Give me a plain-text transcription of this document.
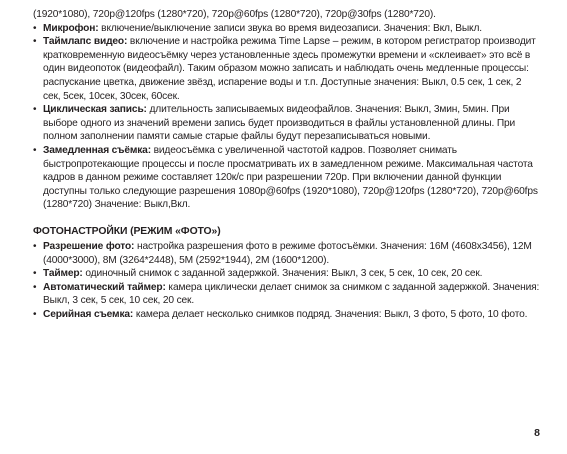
(1920*1080), 720p@120fps (1280*720), 720p@60fps (1280*720), 720p@30fps (1280*720).
• Микрофон: включение/выключение записи звука во время видеозаписи. Значения: Вкл, Выкл.
• Таймлапс видео: включение и настройка режима Time Lapse – режим, в котором регистратор производит кратковременную видеосъёмку через установленные здесь промежутки времени и «склеивает» это всё в один видеопоток (видеофайл). Таким образом можно записать и наблюдать очень медленные процессы: распускание цветка, движение звёзд, испарение воды и т.п. Доступные значения: Выкл, 0.5 сек, 1 сек, 2 сек, 5сек, 10сек, 30сек, 60сек.
• Циклическая запись: длительность записываемых видеофайлов. Значения: Выкл, 3мин, 5мин. При выборе одного из значений времени запись будет производиться в файлы установленной длины. При полном заполнении памяти самые старые файлы будут перезаписываться новыми.
• Замедленная съёмка: видеосъёмка с увеличенной частотой кадров. Позволяет снимать быстропротекающие процессы и после просматривать их в замедленном режиме. Максимальная частота кадров в данном режиме составляет 120к/с при разрешении 720р. При включении данной функции доступны только следующие разрешения 1080р@60fps (1920*1080), 720p@120fps (1280*720), 720p@60fps (1280*720) Значение: Выкл,Вкл.
ФОТОНАСТРОЙКИ (РЕЖИМ «ФОТО»)
• Разрешение фото: настройка разрешения фото в режиме фотосъёмки. Значения: 16M (4608x3456), 12M (4000*3000), 8M (3264*2448), 5M (2592*1944), 2M (1600*1200).
• Таймер: одиночный снимок с заданной задержкой. Значения: Выкл, 3 сек, 5 сек, 10 сек, 20 сек.
• Автоматический таймер: камера циклически делает снимок за снимком с заданной задержкой. Значения: Выкл, 3 сек, 5 сек, 10 сек, 20 сек.
• Серийная съемка: камера делает несколько снимков подряд. Значения: Выкл, 3 фото, 5 фото, 10 фото.
8
